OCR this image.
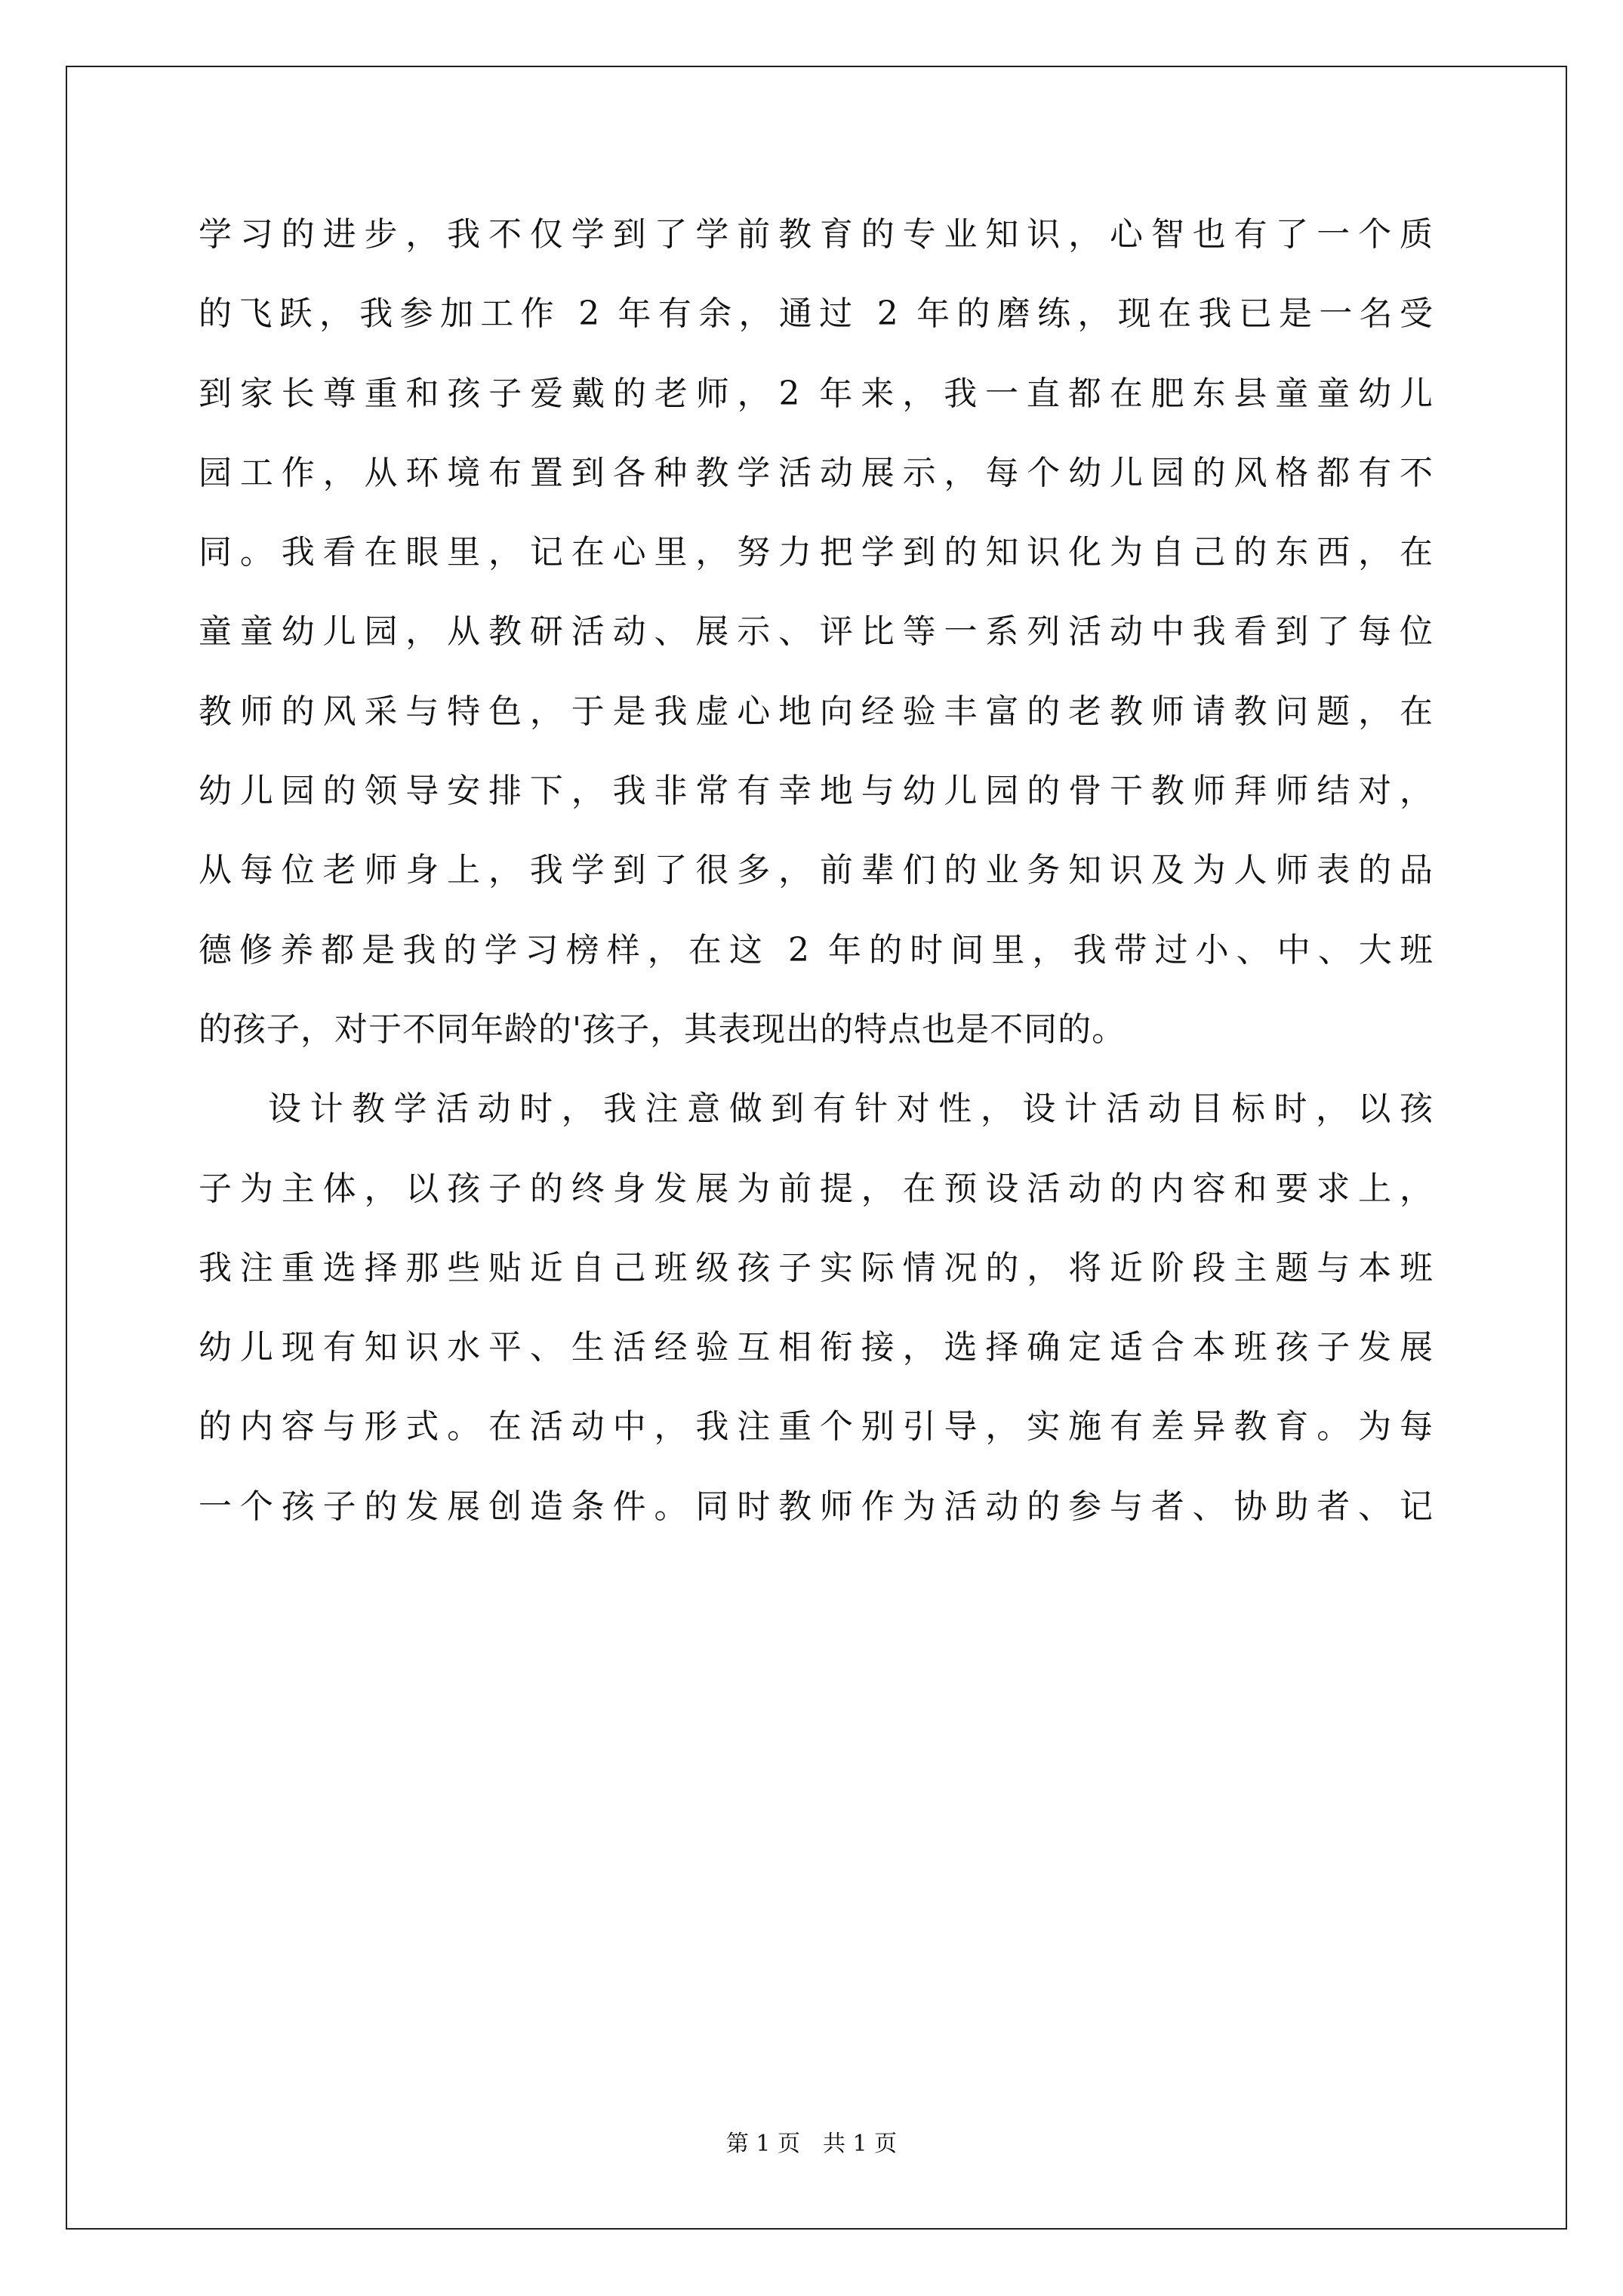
学习的进步，我不仅学到了学前教育的专业知识，心智也有了一个质
的飞跃，我参加工作 2 年有余，通过 2 年的磨练，现在我已是一名受
到家长尊重和孩子爱戴的老师，2 年来，我一直都在肥东县童童幼儿
园工作，从环境布置到各种教学活动展示，每个幼儿园的风格都有不
同。我看在眼里，记在心里，努力把学到的知识化为自己的东西，在
童童幼儿园，从教研活动、展示、评比等一系列活动中我看到了每位
教师的风采与特色，于是我虚心地向经验丰富的老教师请教问题，在
幼儿园的领导安排下，我非常有幸地与幼儿园的骨干教师拜师结对，
从每位老师身上，我学到了很多，前辈们的业务知识及为人师表的品
德修养都是我的学习榜样，在这 2 年的时间里，我带过小、中、大班
的孩子，对于不同年龄的'孩子，其表现出的特点也是不同的。
设计教学活动时，我注意做到有针对性，设计活动目标时，以孩
子为主体，以孩子的终身发展为前提，在预设活动的内容和要求上，
我注重选择那些贴近自己班级孩子实际情况的，将近阶段主题与本班
幼儿现有知识水平、生活经验互相衔接，选择确定适合本班孩子发展
的内容与形式。在活动中，我注重个别引导，实施有差异教育。为每
一个孩子的发展创造条件。同时教师作为活动的参与者、协助者、记
第 1 页　共 1 页
